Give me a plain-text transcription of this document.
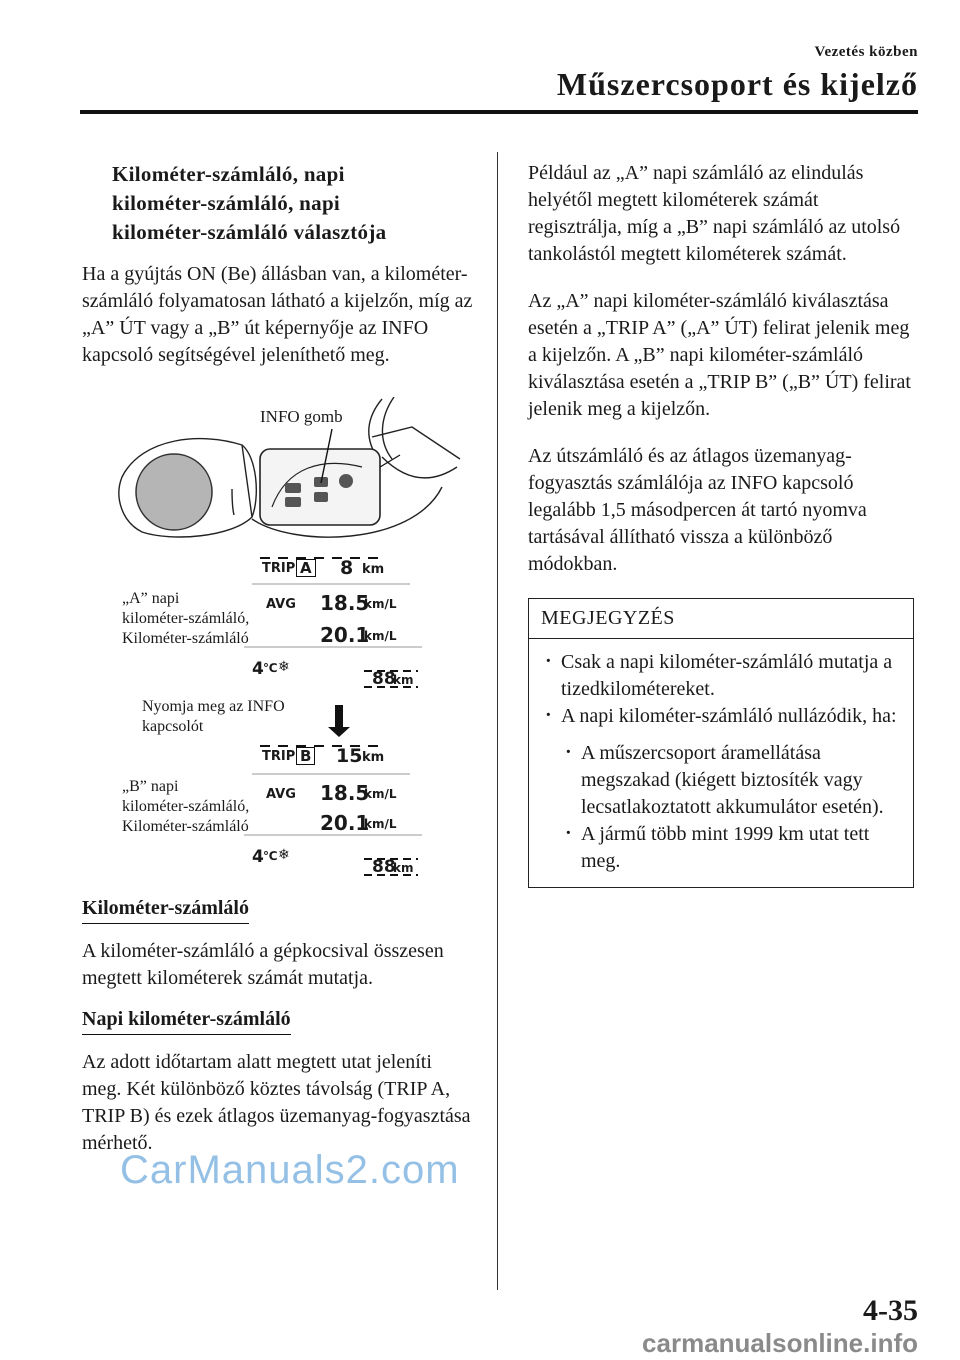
Vezetés közben
Műszercsoport és kijelző
Kilométer-számláló, napi
kilométer-számláló, napi
kilométer-számláló választója

Ha a gyújtás ON (Be) állásban van, a kilométer-számláló folyamatosan látható a kijelzőn, míg az „A” ÚT vagy a „B” út képernyője az INFO kapcsoló segítségével jeleníthető meg.

INFO gomb
„A” napi
kilométer-számláló,
Kilométer-számláló
TRIP A 8 km
AVG 18.5
km/L
20.1
km/L
4 ℃ ❄
88
km
Nyomja meg az INFO
kapcsolót
TRIP B 15 km
AVG 18.5
km/L
20.1
km/L
4 ℃ ❄
88
km
„B” napi
kilométer-számláló,
Kilométer-számláló
Kilométer-számláló

A kilométer-számláló a gépkocsival összesen megtett kilométerek számát mutatja.

Napi kilométer-számláló

Az adott időtartam alatt megtett utat jeleníti meg. Két különböző köztes távolság (TRIP A, TRIP B) és ezek átlagos üzemanyag-fogyasztása mérhető.

Például az „A” napi számláló az elindulás helyétől megtett kilométerek számát regisztrálja, míg a „B” napi számláló az utolsó tankolástól megtett kilométerek számát.

Az „A” napi kilométer-számláló kiválasztása esetén a „TRIP A” („A” ÚT) felirat jelenik meg a kijelzőn. A „B” napi kilométer-számláló kiválasztása esetén a „TRIP B” („B” ÚT) felirat jelenik meg a kijelzőn.

Az útszámláló és az átlagos üzemanyag-fogyasztás számlálója az INFO kapcsoló legalább 1,5 másodpercen át tartó nyomva tartásával állítható vissza a különböző módokban.

MEGJEGYZÉS
· Csak a napi kilométer-számláló mutatja a tizedkilométereket.
· A napi kilométer-számláló nullázódik, ha:
· A műszercsoport áramellátása megszakad (kiégett biztosíték vagy lecsatlakoztatott akkumulátor esetén).
· A jármű több mint 1999 km utat tett meg.
CarManuals2.com
4-35
carmanualsonline.info
